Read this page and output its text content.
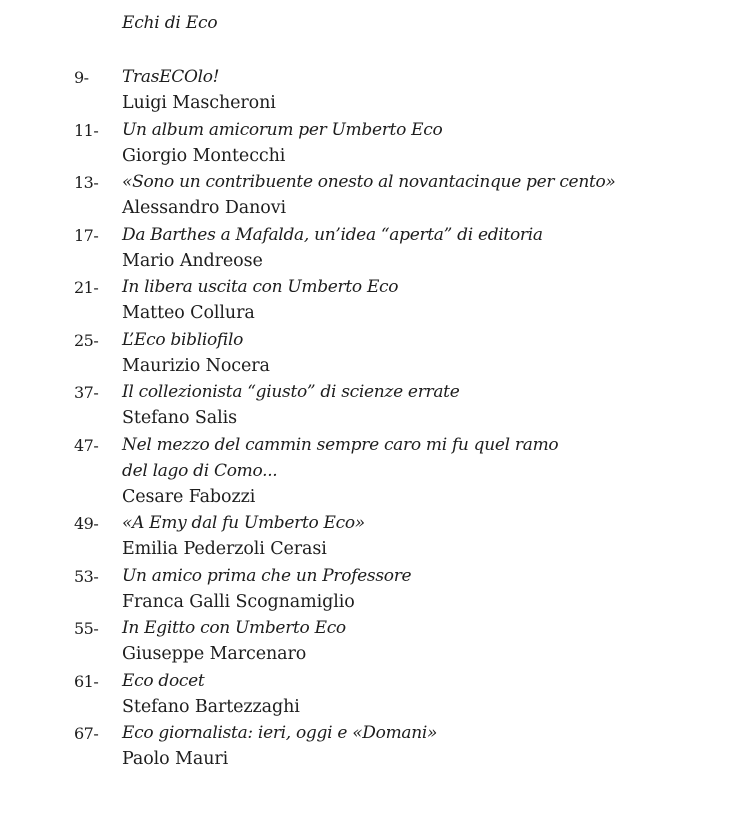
Echi di Eco
9- TrasECOlo!
Luigi Mascheroni
11- Un album amicorum per Umberto Eco
Giorgio Montecchi
13- «Sono un contribuente onesto al novantacinque per cento»
Alessandro Danovi
17- Da Barthes a Mafalda, un’idea “aperta” di editoria
Mario Andreose
21- In libera uscita con Umberto Eco
Matteo Collura
25- L’Eco bibliofilo
Maurizio Nocera
37- Il collezionista “giusto” di scienze errate
Stefano Salis
47- Nel mezzo del cammin sempre caro mi fu quel ramo
del lago di Como...
Cesare Fabozzi
49- «A Emy dal fu Umberto Eco»
Emilia Pederzoli Cerasi
53- Un amico prima che un Professore
Franca Galli Scognamiglio
55- In Egitto con Umberto Eco
Giuseppe Marcenaro
61- Eco docet
Stefano Bartezzaghi
67- Eco giornalista: ieri, oggi e «Domani»
Paolo Mauri
